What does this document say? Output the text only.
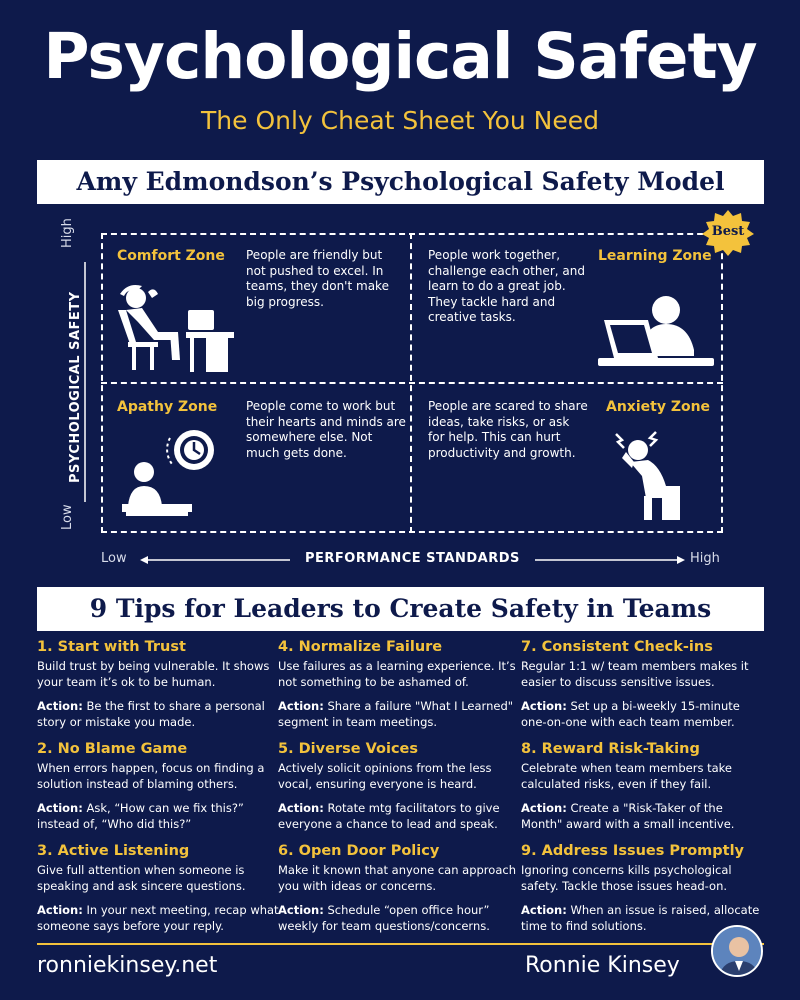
Psychological Safety
The Only Cheat Sheet You Need
Amy Edmondson’s Psychological Safety Model
High
PSYCHOLOGICAL SAFETY
Low
Best
Comfort Zone People are friendly but not pushed to excel. In teams, they don't make big progress.
Learning Zone
People work together, challenge each other, and learn to do a great job. They tackle hard and creative tasks.
Apathy Zone People come to work but their hearts and minds are somewhere else. Not much gets done.
Anxiety Zone
People are scared to share ideas, take risks, or ask for help. This can hurt productivity and growth.
Low	PERFORMANCE STANDARDS	High
9 Tips for Leaders to Create Safety in Teams
1. Start with Trust
Build trust by being vulnerable. It shows your team it’s ok to be human.
Action: Be the first to share a personal story or mistake you made.
2. No Blame Game
When errors happen, focus on finding a solution instead of blaming others.
Action: Ask, “How can we fix this?” instead of, “Who did this?”
3. Active Listening
Give full attention when someone is speaking and ask sincere questions.
Action: In your next meeting, recap what someone says before your reply.
4. Normalize Failure
Use failures as a learning experience. It’s not something to be ashamed of.
Action: Share a failure "What I Learned" segment in team meetings.
5. Diverse Voices
Actively solicit opinions from the less vocal, ensuring everyone is heard.
Action: Rotate mtg facilitators to give everyone a chance to lead and speak.
6. Open Door Policy
Make it known that anyone can approach you with ideas or concerns.
Action: Schedule “open office hour” weekly for team questions/concerns.
7. Consistent Check-ins
Regular 1:1 w/ team members makes it easier to discuss sensitive issues.
Action: Set up a bi-weekly 15-minute one-on-one with each team member.
8. Reward Risk-Taking
Celebrate when team members take calculated risks, even if they fail.
Action: Create a "Risk-Taker of the Month" award with a small incentive.
9. Address Issues Promptly
Ignoring concerns kills psychological safety. Tackle those issues head-on.
Action: When an issue is raised, allocate time to find solutions.
ronniekinsey.net	Ronnie Kinsey
